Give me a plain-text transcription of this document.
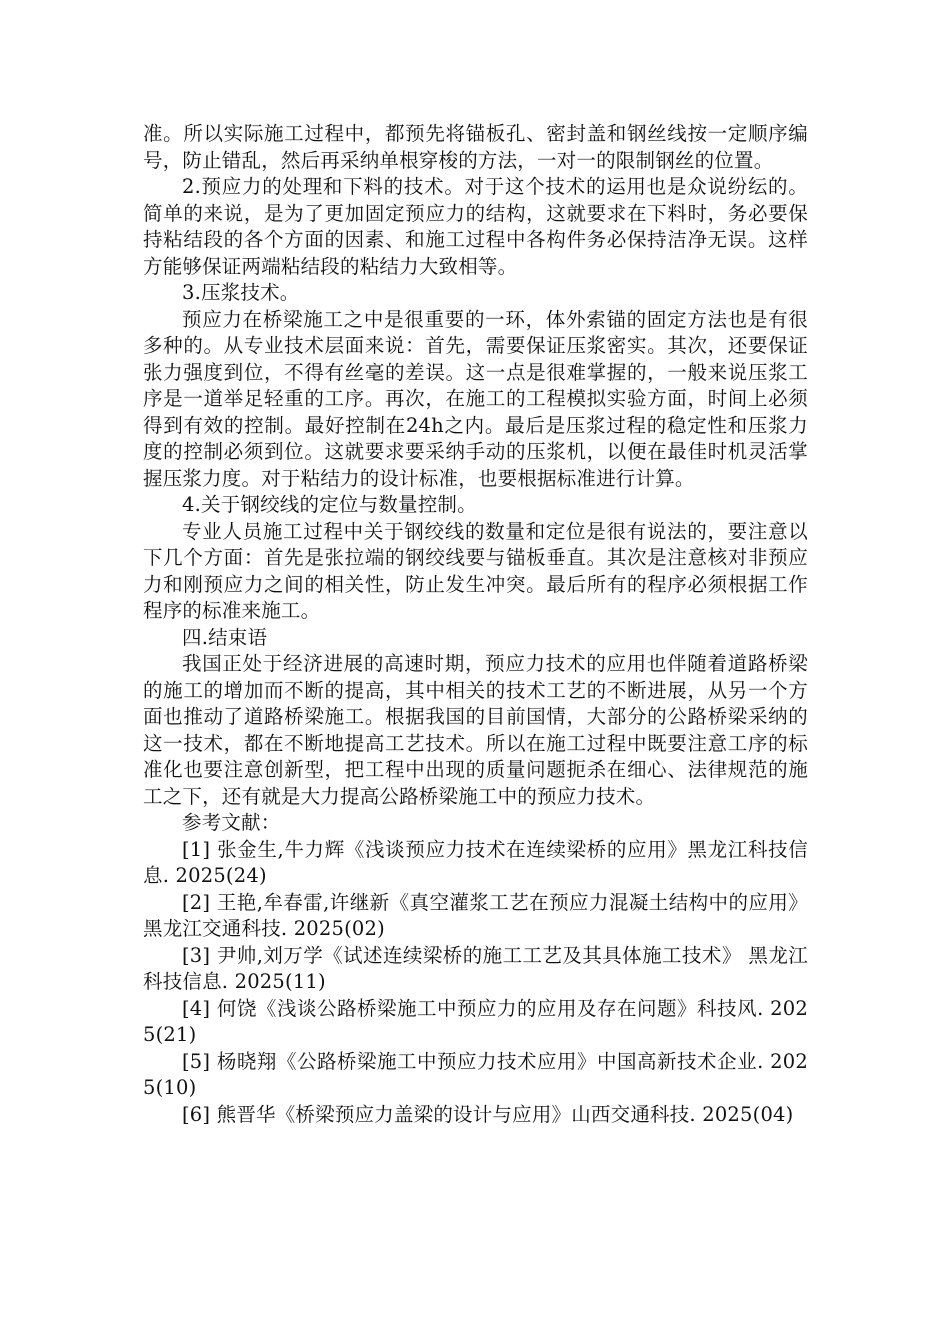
准。所以实际施工过程中，都预先将锚板孔、密封盖和钢丝线按一定顺序编号，防止错乱，然后再采纳单根穿梭的方法，一对一的限制钢丝的位置。

2.预应力的处理和下料的技术。对于这个技术的运用也是众说纷纭的。简单的来说，是为了更加固定预应力的结构，这就要求在下料时，务必要保持粘结段的各个方面的因素、和施工过程中各构件务必保持洁净无误。这样方能够保证两端粘结段的粘结力大致相等。

3.压浆技术。

预应力在桥梁施工之中是很重要的一环，体外索锚的固定方法也是有很多种的。从专业技术层面来说：首先，需要保证压浆密实。其次，还要保证张力强度到位，不得有丝毫的差误。这一点是很难掌握的，一般来说压浆工序是一道举足轻重的工序。再次，在施工的工程模拟实验方面，时间上必须得到有效的控制。最好控制在24h之内。最后是压浆过程的稳定性和压浆力度的控制必须到位。这就要求要采纳手动的压浆机，以便在最佳时机灵活掌握压浆力度。对于粘结力的设计标准，也要根据标准进行计算。

4.关于钢绞线的定位与数量控制。

专业人员施工过程中关于钢绞线的数量和定位是很有说法的，要注意以下几个方面：首先是张拉端的钢绞线要与锚板垂直。其次是注意核对非预应力和刚预应力之间的相关性，防止发生冲突。最后所有的程序必须根据工作程序的标准来施工。

四.结束语

我国正处于经济进展的高速时期，预应力技术的应用也伴随着道路桥梁的施工的增加而不断的提高，其中相关的技术工艺的不断进展，从另一个方面也推动了道路桥梁施工。根据我国的目前国情，大部分的公路桥梁采纳的这一技术，都在不断地提高工艺技术。所以在施工过程中既要注意工序的标准化也要注意创新型，把工程中出现的质量问题扼杀在细心、法律规范的施工之下，还有就是大力提高公路桥梁施工中的预应力技术。

参考文献：

[1] 张金生,牛力辉《浅谈预应力技术在连续梁桥的应用》黑龙江科技信息. 2025(24)

[2] 王艳,牟春雷,许继新《真空灌浆工艺在预应力混凝土结构中的应用》黑龙江交通科技. 2025(02)

[3] 尹帅,刘万学《试述连续梁桥的施工工艺及其具体施工技术》 黑龙江科技信息. 2025(11)

[4] 何饶《浅谈公路桥梁施工中预应力的应用及存在问题》科技风. 2025(21)

[5] 杨晓翔《公路桥梁施工中预应力技术应用》中国高新技术企业. 2025(10)

[6] 熊晋华《桥梁预应力盖梁的设计与应用》山西交通科技. 2025(04)
